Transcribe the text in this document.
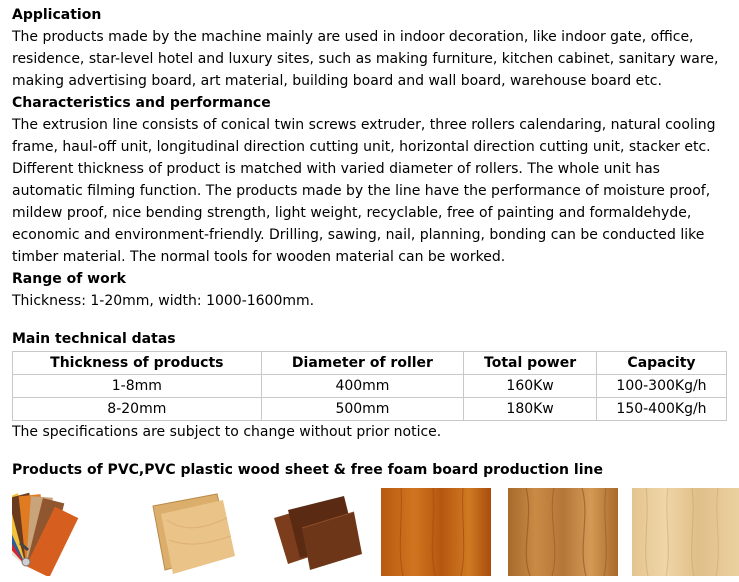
Application

The products made by the machine mainly are used in indoor decoration, like indoor gate, office,

residence, star-level hotel and luxury sites, such as making furniture, kitchen cabinet, sanitary ware,

making advertising board, art material, building board and wall board, warehouse board etc.

Characteristics and performance

The extrusion line consists of conical twin screws extruder, three rollers calendaring, natural cooling

frame, haul-off unit, longitudinal direction cutting unit, horizontal direction cutting unit, stacker etc.

Different thickness of product is matched with varied diameter of rollers. The whole unit has

automatic filming function. The products made by the line have the performance of moisture proof,

mildew proof, nice bending strength, light weight, recyclable, free of painting and formaldehyde,

economic and environment-friendly. Drilling, sawing, nail, planning, bonding can be conducted like

timber material. The normal tools for wooden material can be worked.

Range of work

Thickness: 1-20mm, width: 1000-1600mm.

Main technical datas
Thickness of products	Diameter of roller	Total power	Capacity
1-8mm	400mm	160Kw	100-300Kg/h
8-20mm	500mm	180Kw	150-400Kg/h

The specifications are subject to change without prior notice.

Products of PVC,PVC plastic wood sheet & free foam board production line
